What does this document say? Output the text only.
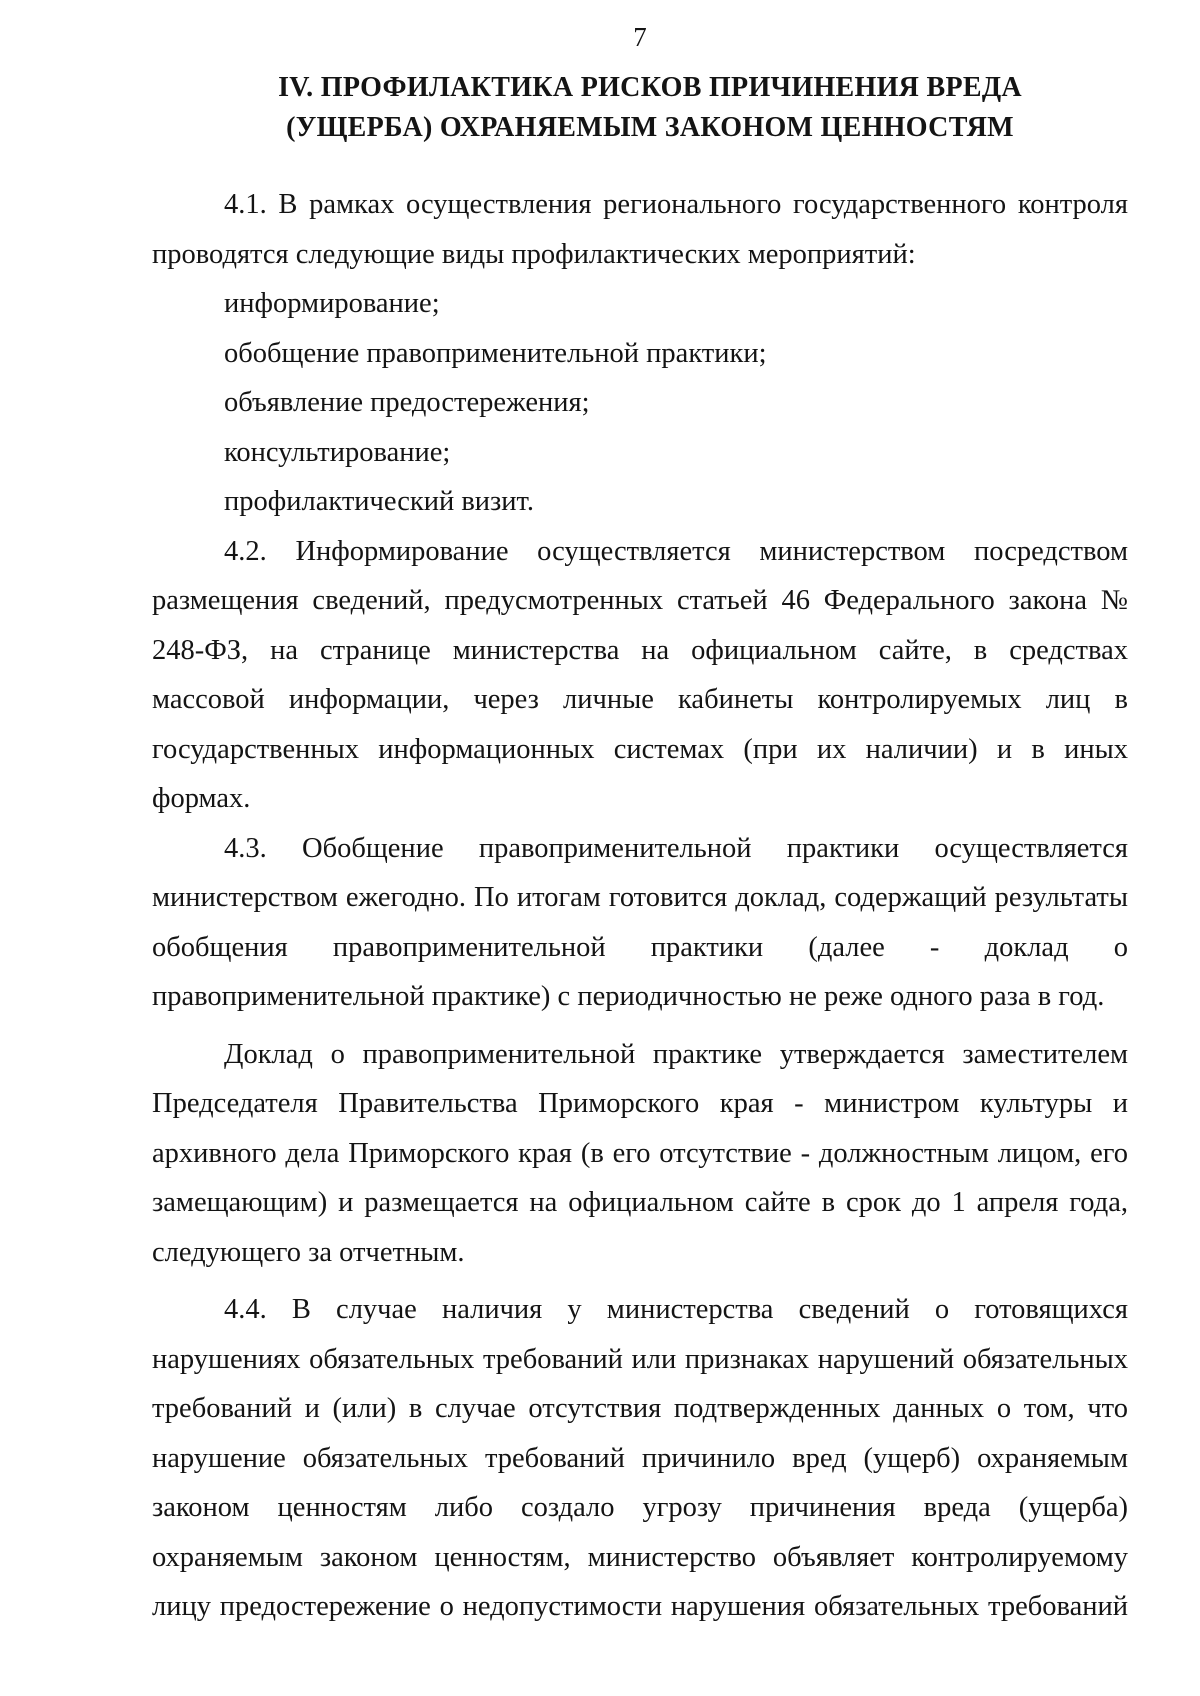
7
IV. ПРОФИЛАКТИКА РИСКОВ ПРИЧИНЕНИЯ ВРЕДА
(УЩЕРБА) ОХРАНЯЕМЫМ ЗАКОНОМ ЦЕННОСТЯМ

4.1. В рамках осуществления регионального государственного контроля проводятся следующие виды профилактических мероприятий:

информирование;

обобщение правоприменительной практики;

объявление предостережения;

консультирование;

профилактический визит.

4.2. Информирование осуществляется министерством посредством размещения сведений, предусмотренных статьей 46 Федерального закона № 248-ФЗ, на странице министерства на официальном сайте, в средствах массовой информации, через личные кабинеты контролируемых лиц в государственных информационных системах (при их наличии) и в иных формах.

4.3. Обобщение правоприменительной практики осуществляется министерством ежегодно. По итогам готовится доклад, содержащий результаты обобщения правоприменительной практики (далее - доклад о правоприменительной практике) с периодичностью не реже одного раза в год.

Доклад о правоприменительной практике утверждается заместителем Председателя Правительства Приморского края - министром культуры и архивного дела Приморского края (в его отсутствие - должностным лицом, его замещающим) и размещается на официальном сайте в срок до 1 апреля года, следующего за отчетным.

4.4. В случае наличия у министерства сведений о готовящихся нарушениях обязательных требований или признаках нарушений обязательных требований и (или) в случае отсутствия подтвержденных данных о том, что нарушение обязательных требований причинило вред (ущерб) охраняемым законом ценностям либо создало угрозу причинения вреда (ущерба) охраняемым законом ценностям, министерство объявляет контролируемому лицу предостережение о недопустимости нарушения обязательных требований
